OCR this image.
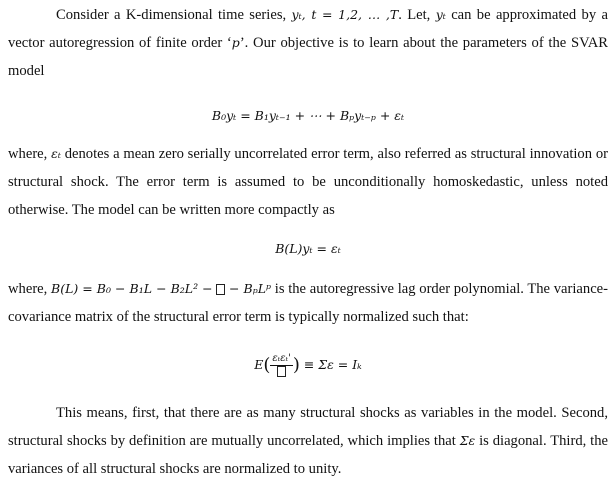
Consider a K-dimensional time series, yₜ, t = 1,2, … ,T. Let, yₜ can be approximated by a vector autoregression of finite order ‘p’. Our objective is to learn about the parameters of the SVAR model

B₀yₜ = B₁yₜ₋₁ + ⋯ + Bₚyₜ₋ₚ + εₜ

where, εₜ denotes a mean zero serially uncorrelated error term, also referred as structural innovation or structural shock. The error term is assumed to be unconditionally homoskedastic, unless noted otherwise. The model can be written more compactly as

B(L)yₜ = εₜ

where, B(L) = B₀ − B₁L − B₂L² − − BₚLᵖ is the autoregressive lag order polynomial. The variance-covariance matrix of the structural error term is typically normalized such that:

E( εₜεₜ' ) ≡ Σε = Iₖ

This means, first, that there are as many structural shocks as variables in the model. Second, structural shocks by definition are mutually uncorrelated, which implies that Σε is diagonal. Third, the variances of all structural shocks are normalized to unity.
